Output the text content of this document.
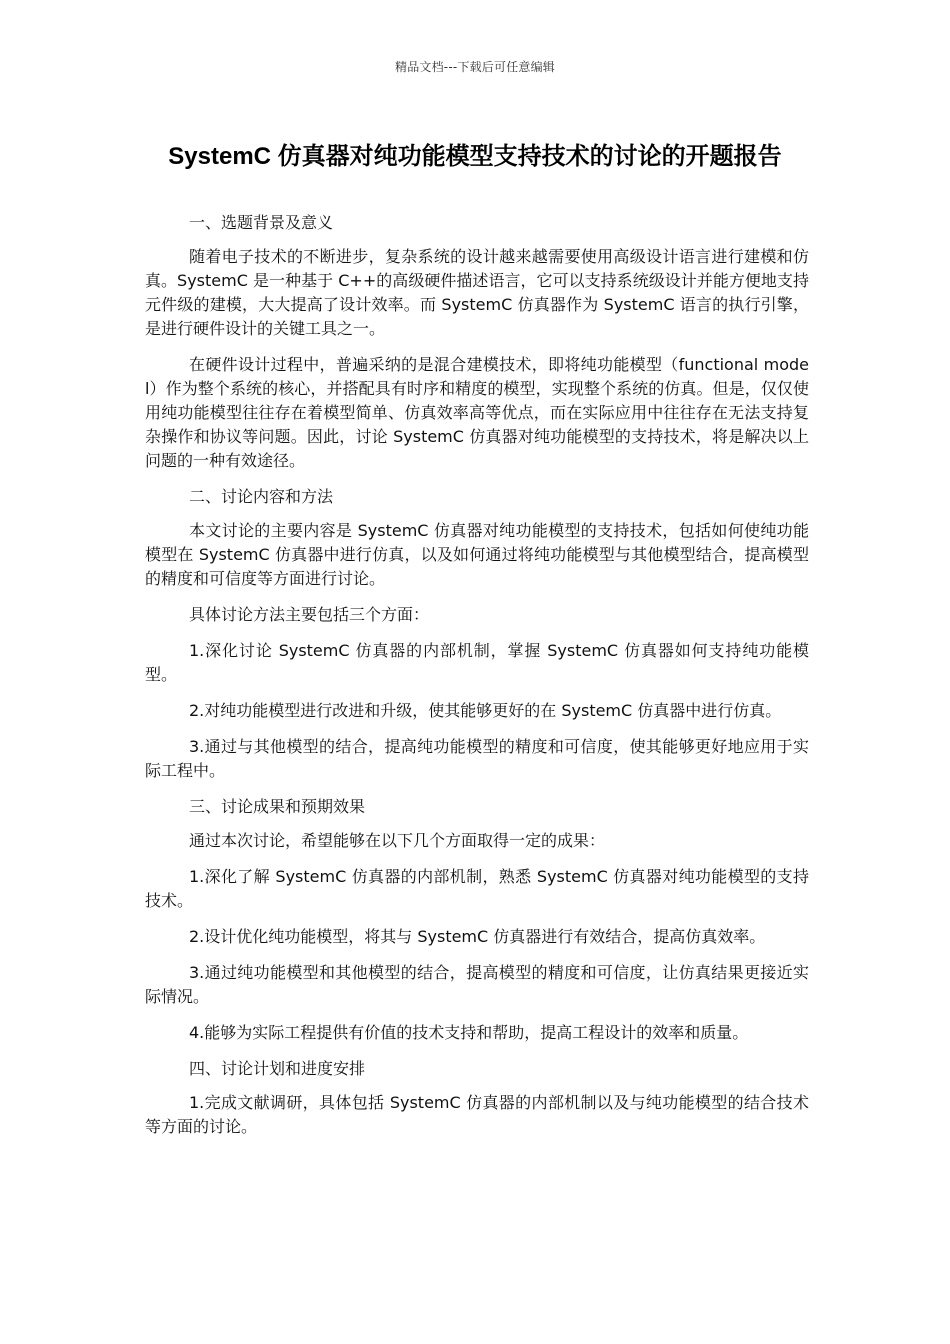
精品文档---下载后可任意编辑
SystemC 仿真器对纯功能模型支持技术的讨论的开题报告

一、选题背景及意义

随着电子技术的不断进步，复杂系统的设计越来越需要使用高级设计语言进行建模和仿真。SystemC 是一种基于 C++的高级硬件描述语言，它可以支持系统级设计并能方便地支持元件级的建模，大大提高了设计效率。而 SystemC 仿真器作为 SystemC 语言的执行引擎，是进行硬件设计的关键工具之一。

在硬件设计过程中，普遍采纳的是混合建模技术，即将纯功能模型（functional model）作为整个系统的核心，并搭配具有时序和精度的模型，实现整个系统的仿真。但是，仅仅使用纯功能模型往往存在着模型简单、仿真效率高等优点，而在实际应用中往往存在无法支持复杂操作和协议等问题。因此，讨论 SystemC 仿真器对纯功能模型的支持技术，将是解决以上问题的一种有效途径。

二、讨论内容和方法

本文讨论的主要内容是 SystemC 仿真器对纯功能模型的支持技术，包括如何使纯功能模型在 SystemC 仿真器中进行仿真，以及如何通过将纯功能模型与其他模型结合，提高模型的精度和可信度等方面进行讨论。

具体讨论方法主要包括三个方面：

1.深化讨论 SystemC 仿真器的内部机制，掌握 SystemC 仿真器如何支持纯功能模型。

2.对纯功能模型进行改进和升级，使其能够更好的在 SystemC 仿真器中进行仿真。

3.通过与其他模型的结合，提高纯功能模型的精度和可信度，使其能够更好地应用于实际工程中。

三、讨论成果和预期效果

通过本次讨论，希望能够在以下几个方面取得一定的成果：

1.深化了解 SystemC 仿真器的内部机制，熟悉 SystemC 仿真器对纯功能模型的支持技术。

2.设计优化纯功能模型，将其与 SystemC 仿真器进行有效结合，提高仿真效率。

3.通过纯功能模型和其他模型的结合，提高模型的精度和可信度，让仿真结果更接近实际情况。

4.能够为实际工程提供有价值的技术支持和帮助，提高工程设计的效率和质量。

四、讨论计划和进度安排

1.完成文献调研，具体包括 SystemC 仿真器的内部机制以及与纯功能模型的结合技术等方面的讨论。
